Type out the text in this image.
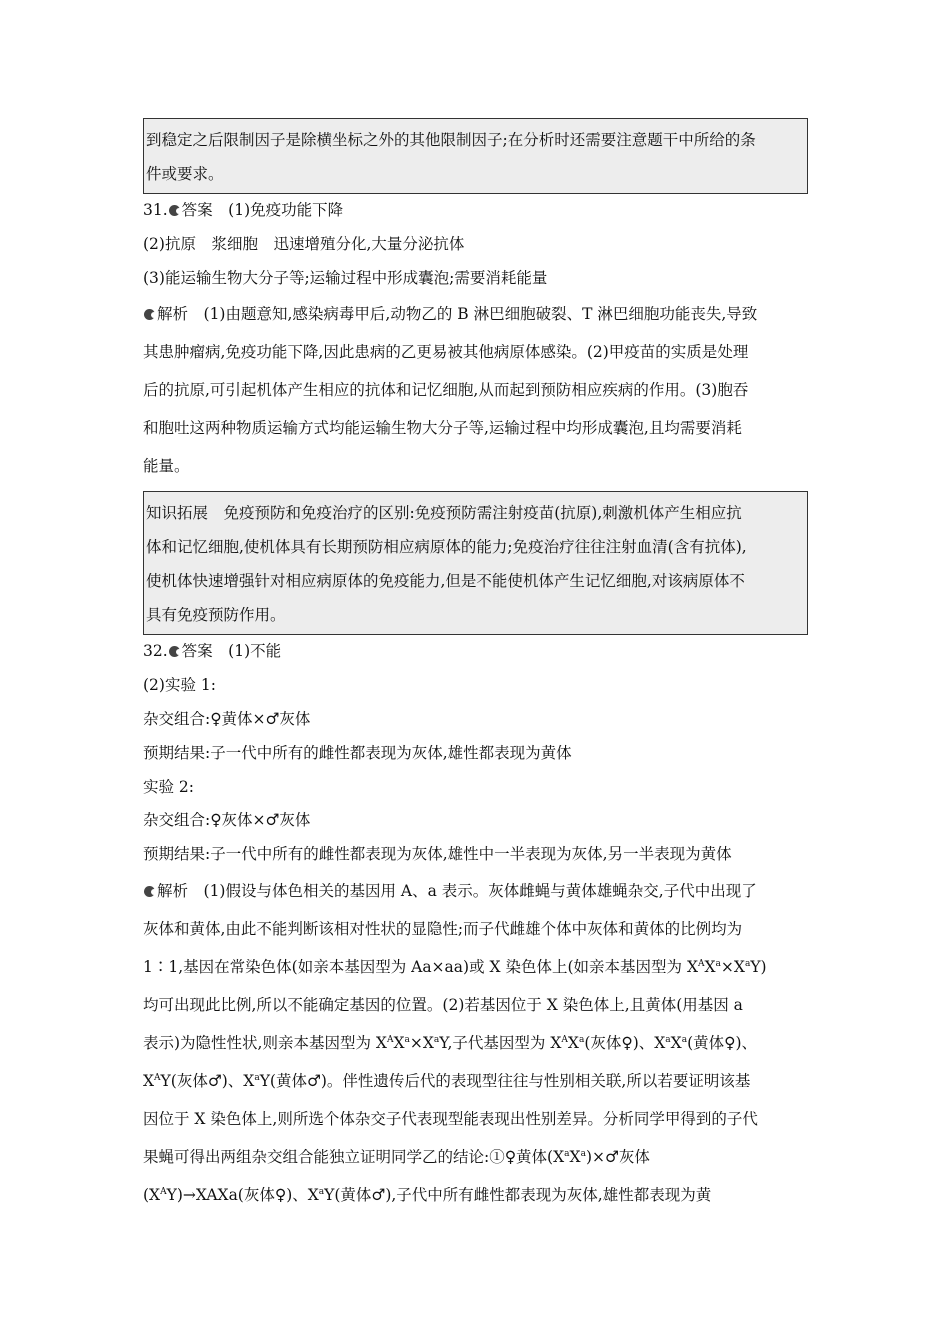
到稳定之后限制因子是除横坐标之外的其他限制因子;在分析时还需要注意题干中所给的条
件或要求。
31. 答案　(1)免疫功能下降
(2)抗原　浆细胞　迅速增殖分化,大量分泌抗体
(3)能运输生物大分子等;运输过程中形成囊泡;需要消耗能量
解析　(1)由题意知,感染病毒甲后,动物乙的 B 淋巴细胞破裂、T 淋巴细胞功能丧失,导致
其患肿瘤病,免疫功能下降,因此患病的乙更易被其他病原体感染。(2)甲疫苗的实质是处理
后的抗原,可引起机体产生相应的抗体和记忆细胞,从而起到预防相应疾病的作用。(3)胞吞
和胞吐这两种物质运输方式均能运输生物大分子等,运输过程中均形成囊泡,且均需要消耗
能量。
知识拓展　免疫预防和免疫治疗的区别:免疫预防需注射疫苗(抗原),刺激机体产生相应抗
体和记忆细胞,使机体具有长期预防相应病原体的能力;免疫治疗往往注射血清(含有抗体),
使机体快速增强针对相应病原体的免疫能力,但是不能使机体产生记忆细胞,对该病原体不
具有免疫预防作用。
32. 答案　(1)不能
(2)实验 1:
杂交组合:♀黄体×♂灰体
预期结果:子一代中所有的雌性都表现为灰体,雄性都表现为黄体
实验 2:
杂交组合:♀灰体×♂灰体
预期结果:子一代中所有的雌性都表现为灰体,雄性中一半表现为灰体,另一半表现为黄体
解析　(1)假设与体色相关的基因用 A、a 表示。灰体雌蝇与黄体雄蝇杂交,子代中出现了
灰体和黄体,由此不能判断该相对性状的显隐性;而子代雌雄个体中灰体和黄体的比例均为
1∶1,基因在常染色体(如亲本基因型为 Aa×aa)或 X 染色体上(如亲本基因型为 $X^AX^a\times X^aY$)
均可出现此比例,所以不能确定基因的位置。(2)若基因位于 X 染色体上,且黄体(用基因 a
表示)为隐性性状,则亲本基因型为 $X^AX^a\times X^aY$,子代基因型为 $X^AX^a$(灰体♀)、$X^aX^a$(黄体♀)、
$X^AY$(灰体♂)、$X^aY$(黄体♂)。伴性遗传后代的表现型往往与性别相关联,所以若要证明该基
因位于 X 染色体上,则所选个体杂交子代表现型能表现出性别差异。分析同学甲得到的子代
果蝇可得出两组杂交组合能独立证明同学乙的结论:①♀黄体$(X^aX^a)\times♂$灰体
$(X^AY)\to XAXa$(灰体♀)、$X^aY$(黄体♂),子代中所有雌性都表现为灰体,雄性都表现为黄
